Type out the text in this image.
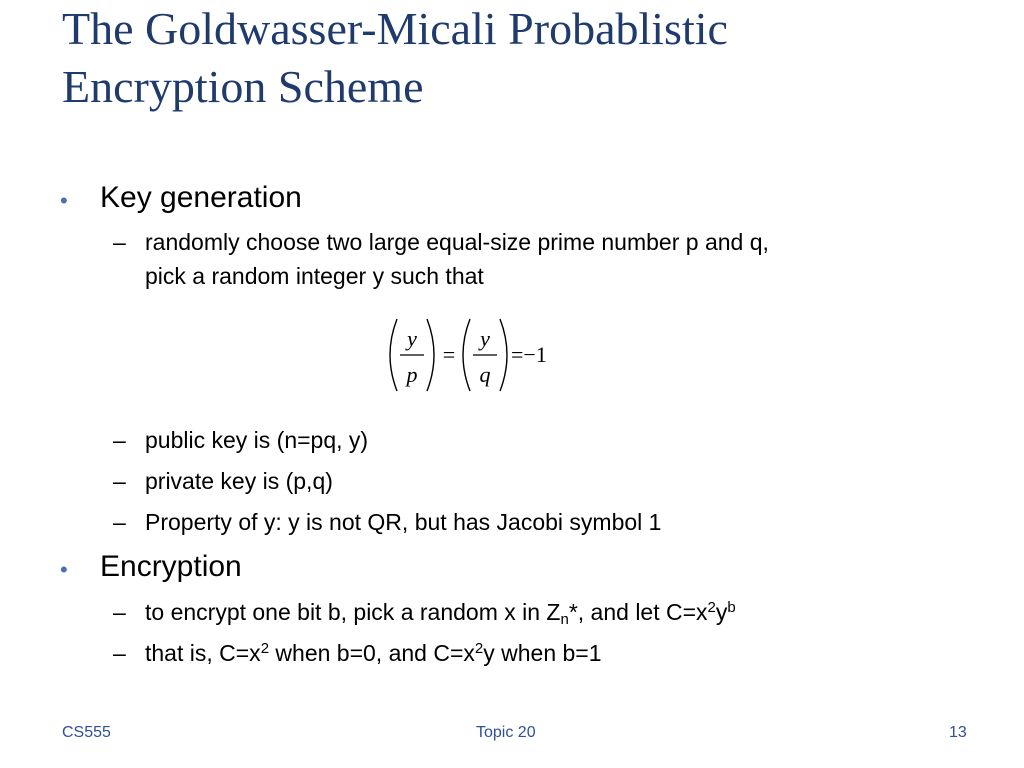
The Goldwasser-Micali Probablistic
Encryption Scheme
• Key generation
– randomly choose two large equal-size prime number p and q,
pick a random integer y such that
y
p
=
y
q
=−1
– public key is (n=pq, y)
– private key is (p,q)
– Property of y: y is not QR, but has Jacobi symbol 1
• Encryption
– to encrypt one bit b, pick a random x in $Z_n*$, and let $C=x^2y^b$
– that is, $C=x^2$ when b=0, and $C=x^2y$ when b=1
CS555	Topic 20	13
